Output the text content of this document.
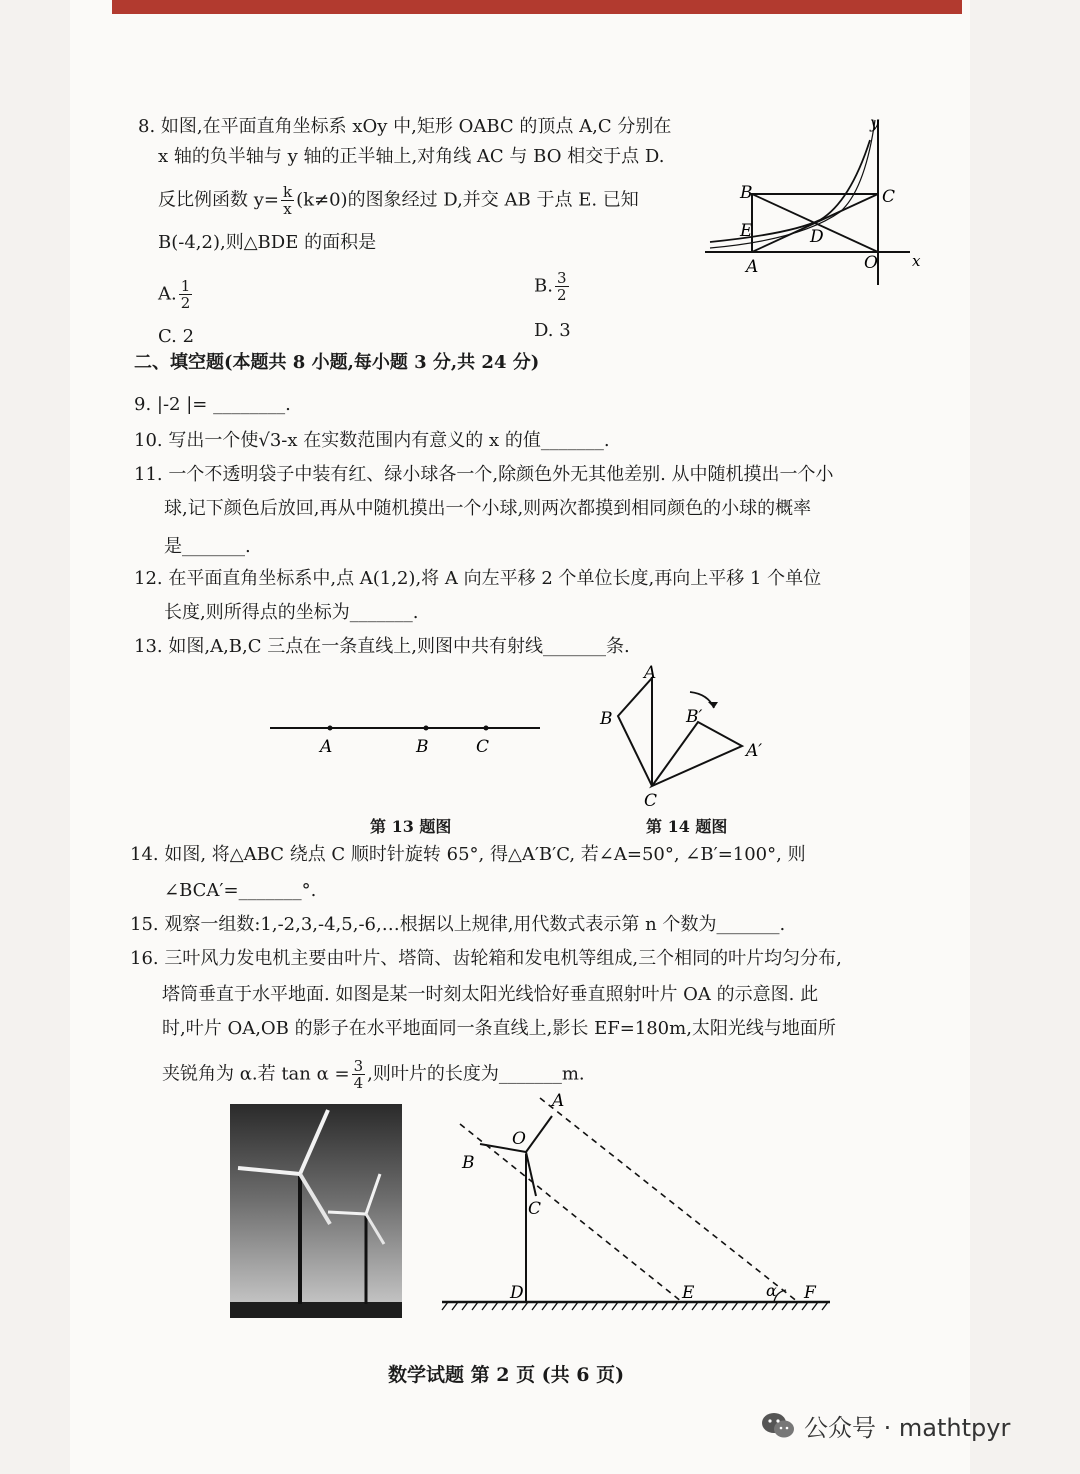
8. 如图,在平面直角坐标系 xOy 中,矩形 OABC 的顶点 A,C 分别在
x 轴的负半轴与 y 轴的正半轴上,对角线 AC 与 BO 相交于点 D.
反比例函数 $y= \frac{k}{x} (k\ne 0)$的图象经过 D,并交 AB 于点 E. 已知
B(-4,2),则△BDE 的面积是
A. $\frac{1}{2}$	B. $\frac{3}{2}$
C. 2	D. 3
y
x
B	C
E	D
A	O
二、填空题(本题共 8 小题,每小题 3 分,共 24 分)
9. |-2 |= ________.
10. 写出一个使√3-x 在实数范围内有意义的 x 的值_______.
11. 一个不透明袋子中装有红、绿小球各一个,除颜色外无其他差别. 从中随机摸出一个小
球,记下颜色后放回,再从中随机摸出一个小球,则两次都摸到相同颜色的小球的概率
是_______.
12. 在平面直角坐标系中,点 A(1,2),将 A 向左平移 2 个单位长度,再向上平移 1 个单位
长度,则所得点的坐标为_______.
13. 如图,A,B,C 三点在一条直线上,则图中共有射线_______条.
A	B	C
第 13 题图
A
B
C
B′
A′
第 14 题图
14. 如图, 将△ABC 绕点 C 顺时针旋转 65°, 得△A′B′C, 若∠A=50°, ∠B′=100°, 则
∠BCA′=_______°.
15. 观察一组数:1,-2,3,-4,5,-6,…根据以上规律,用代数式表示第 n 个数为_______.
16. 三叶风力发电机主要由叶片、塔筒、齿轮箱和发电机等组成,三个相同的叶片均匀分布,
塔筒垂直于水平地面. 如图是某一时刻太阳光线恰好垂直照射叶片 OA 的示意图. 此
时,叶片 OA,OB 的影子在水平地面同一条直线上,影长 EF=180m,太阳光线与地面所
夹锐角为 α.若 $\tan \alpha = \frac{3}{4}$ ,则叶片的长度为_______m.
A
O
B
C
D	E	F
α
数学试题 第 2 页 (共 6 页)
公众号 · mathtpyr
